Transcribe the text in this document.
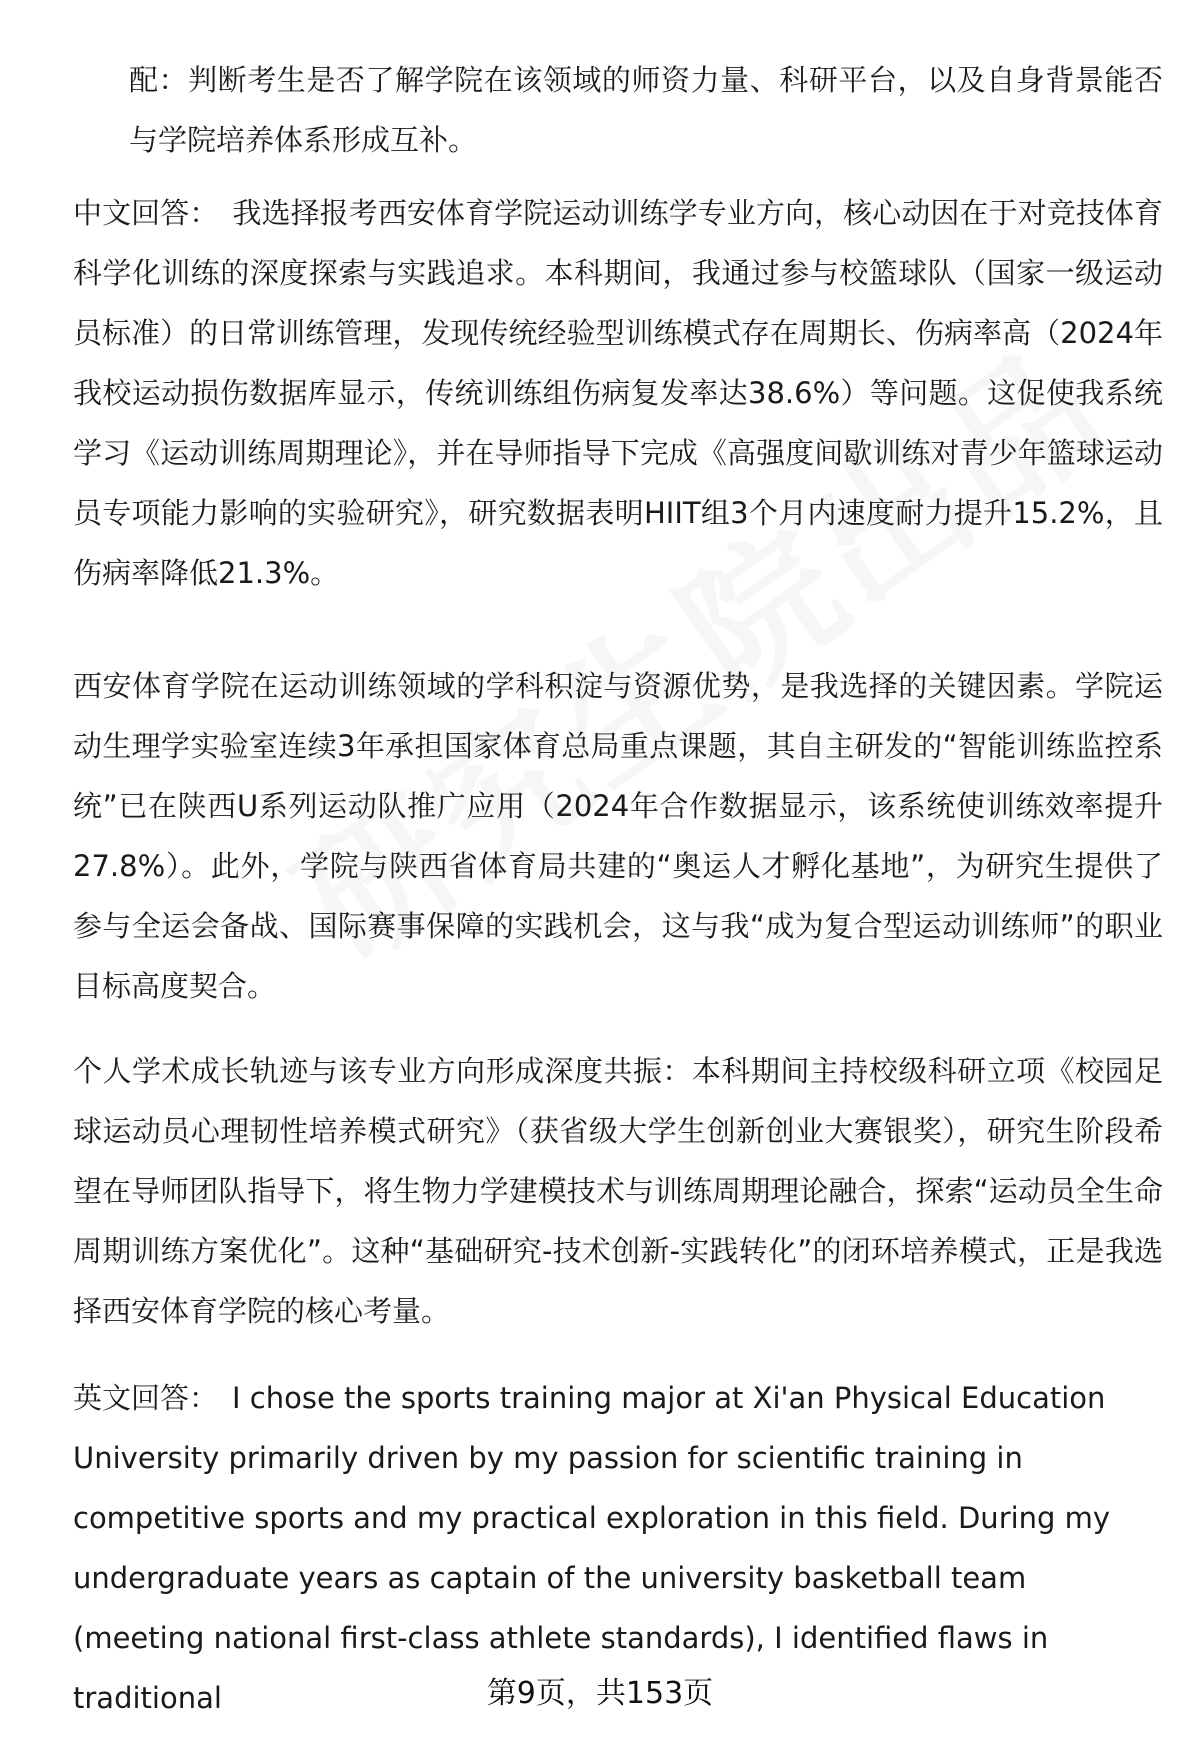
配：判断考生是否了解学院在该领域的师资力量、科研平台，以及自身背景能否与学院培养体系形成互补。

中文回答： 我选择报考西安体育学院运动训练学专业方向，核心动因在于对竞技体育科学化训练的深度探索与实践追求。本科期间，我通过参与校篮球队（国家一级运动员标准）的日常训练管理，发现传统经验型训练模式存在周期长、伤病率高（2024年我校运动损伤数据库显示，传统训练组伤病复发率达38.6%）等问题。这促使我系统学习《运动训练周期理论》，并在导师指导下完成《高强度间歇训练对青少年篮球运动员专项能力影响的实验研究》，研究数据表明HIIT组3个月内速度耐力提升15.2%，且伤病率降低21.3%。

西安体育学院在运动训练领域的学科积淀与资源优势，是我选择的关键因素。学院运动生理学实验室连续3年承担国家体育总局重点课题，其自主研发的“智能训练监控系统”已在陕西U系列运动队推广应用（2024年合作数据显示，该系统使训练效率提升27.8%）。此外，学院与陕西省体育局共建的“奥运人才孵化基地”，为研究生提供了参与全运会备战、国际赛事保障的实践机会，这与我“成为复合型运动训练师”的职业目标高度契合。

个人学术成长轨迹与该专业方向形成深度共振：本科期间主持校级科研立项《校园足球运动员心理韧性培养模式研究》（获省级大学生创新创业大赛银奖），研究生阶段希望在导师团队指导下，将生物力学建模技术与训练周期理论融合，探索“运动员全生命周期训练方案优化”。这种“基础研究-技术创新-实践转化”的闭环培养模式，正是我选择西安体育学院的核心考量。

英文回答： I chose the sports training major at Xi'an Physical Education University primarily driven by my passion for scientific training in competitive sports and my practical exploration in this field. During my undergraduate years as captain of the university basketball team (meeting national first-class athlete standards), I identified flaws in traditional	第9页，共153页
